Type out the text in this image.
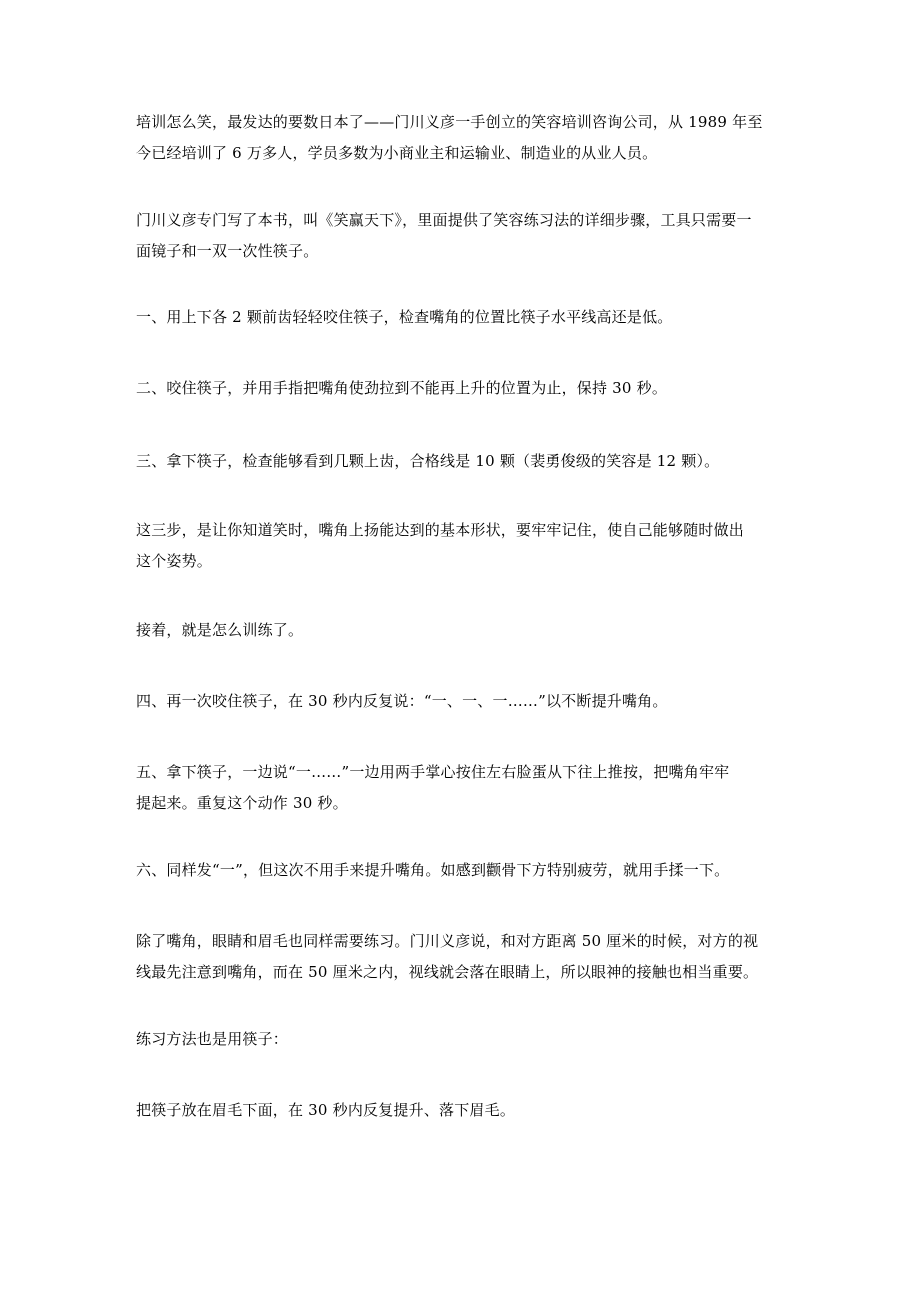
培训怎么笑，最发达的要数日本了——门川义彦一手创立的笑容培训咨询公司，从 1989 年至
今已经培训了 6 万多人，学员多数为小商业主和运输业、制造业的从业人员。
门川义彦专门写了本书，叫《笑赢天下》，里面提供了笑容练习法的详细步骤，工具只需要一
面镜子和一双一次性筷子。
一、用上下各 2 颗前齿轻轻咬住筷子，检查嘴角的位置比筷子水平线高还是低。
二、咬住筷子，并用手指把嘴角使劲拉到不能再上升的位置为止，保持 30 秒。
三、拿下筷子，检查能够看到几颗上齿，合格线是 10 颗（裴勇俊级的笑容是 12 颗）。
这三步，是让你知道笑时，嘴角上扬能达到的基本形状，要牢牢记住，使自己能够随时做出
这个姿势。
接着，就是怎么训练了。
四、再一次咬住筷子，在 30 秒内反复说：“一、一、一……”以不断提升嘴角。
五、拿下筷子，一边说“一……”一边用两手掌心按住左右脸蛋从下往上推按，把嘴角牢牢
提起来。重复这个动作 30 秒。
六、同样发“一”，但这次不用手来提升嘴角。如感到颧骨下方特别疲劳，就用手揉一下。
除了嘴角，眼睛和眉毛也同样需要练习。门川义彦说，和对方距离 50 厘米的时候，对方的视
线最先注意到嘴角，而在 50 厘米之内，视线就会落在眼睛上，所以眼神的接触也相当重要。
练习方法也是用筷子：
把筷子放在眉毛下面，在 30 秒内反复提升、落下眉毛。
